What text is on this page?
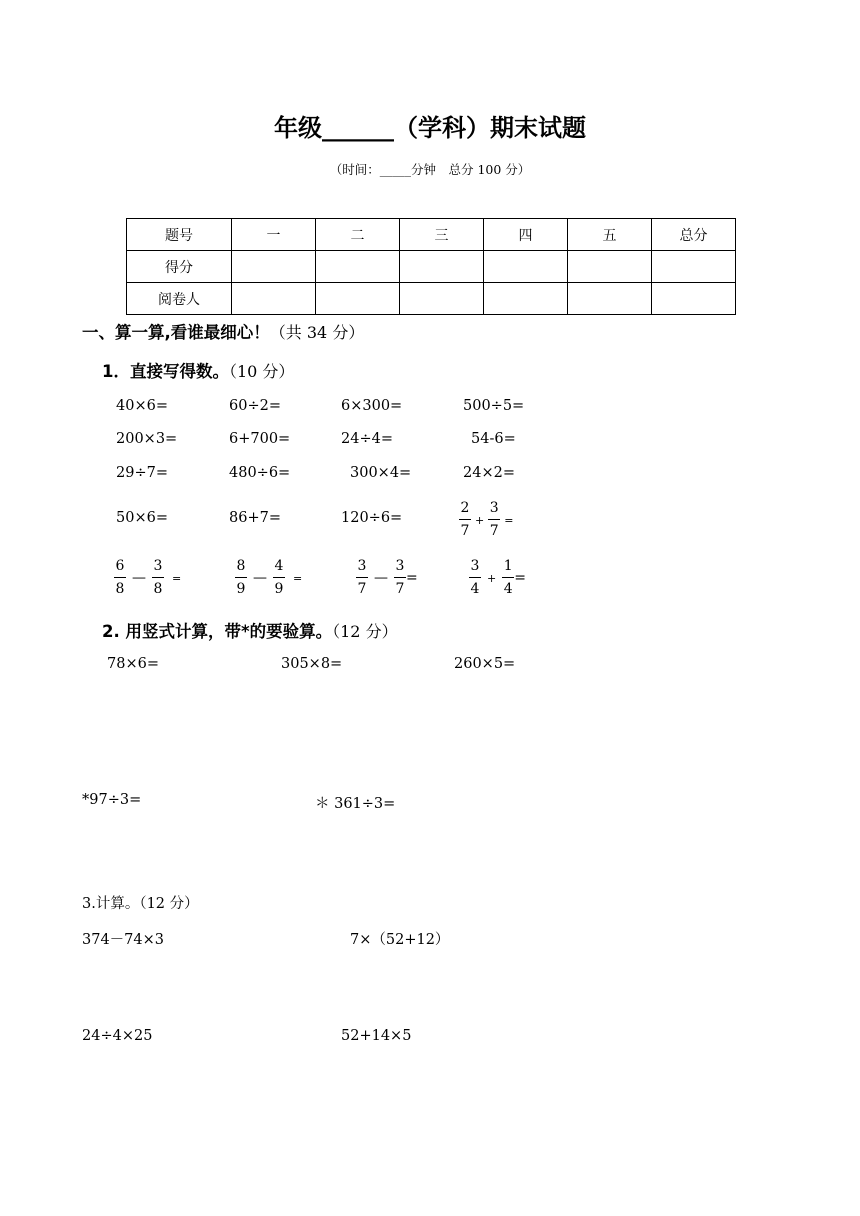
年级______（学科）期末试题
（时间：_____分钟　总分 100 分）
题号	一	二	三	四	五	总分
得分						
阅卷人						
一、算一算,看谁最细心！（共 34 分）
1．直接写得数。（10 分）
40×6=	60÷2=	6×300=	500÷5=
200×3=	6+700=	24÷4=	54-6=
29÷7=	480÷6=	300×4=	24×2=
50×6=	86+7=	120÷6=	$\frac{2}{7} + \frac{3}{7}$ =
$\frac{6}{8}$ — $\frac{3}{8}$ =	$\frac{8}{9}$ — $\frac{4}{9}$ =	$\frac{3}{7}$ — $\frac{3}{7}$ =	$\frac{3}{4} + \frac{1}{4}$ =
2. 用竖式计算，带*的要验算。（12 分）
78×6=	305×8=	260×5=
*97÷3=	＊ 361÷3=
3.计算。（12 分）
374－74×3	7×（52+12）
24÷4×25	52+14×5
